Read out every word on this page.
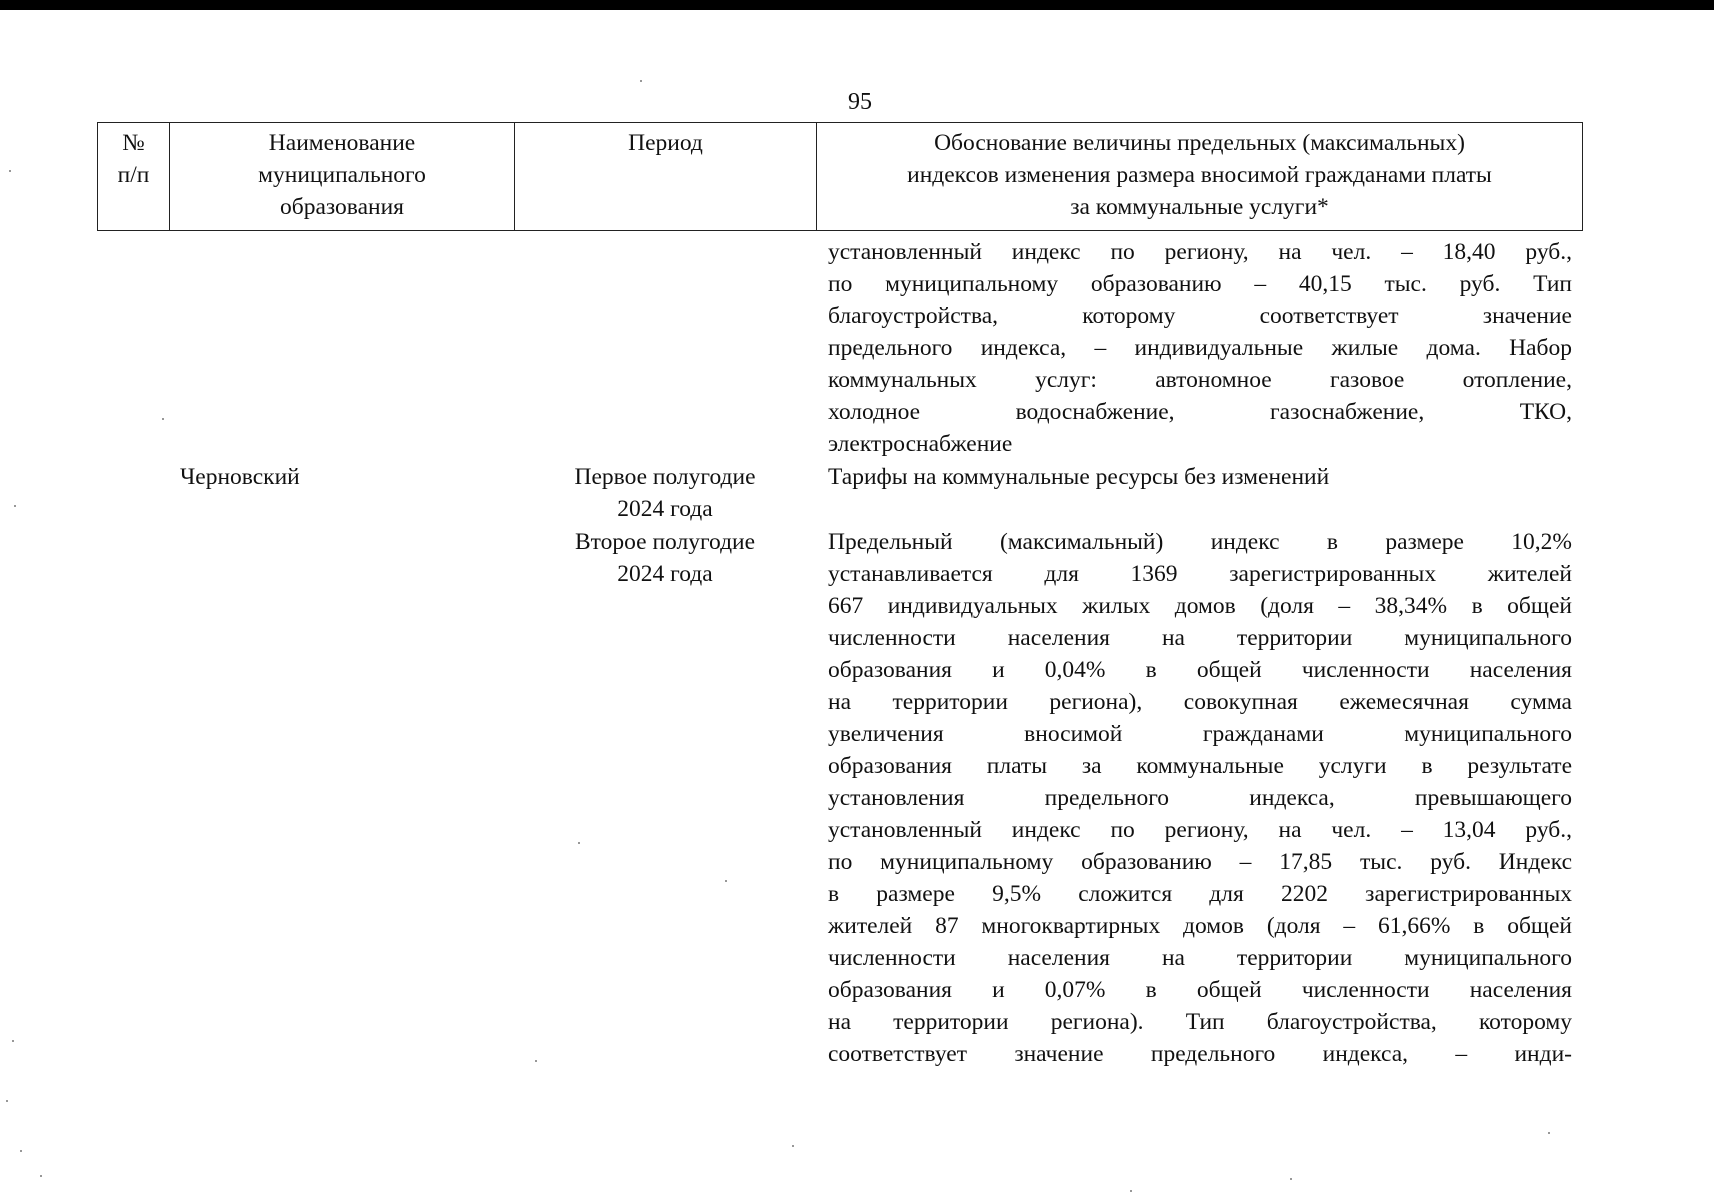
95
№
п/п
Наименование
муниципального
образования
Период	Обоснование величины предельных (максимальных)
индексов изменения размера вносимой гражданами платы
за коммунальные услуги*
установленный индекс по региону, на чел. – 18,40 руб.,
по муниципальному образованию – 40,15 тыс. руб. Тип
благоустройства, которому соответствует значение
предельного индекса, – индивидуальные жилые дома. Набор
коммунальных услуг: автономное газовое отопление,
холодное водоснабжение, газоснабжение, ТКО,
электроснабжение
Черновский	Первое полугодие
2024 года
Тарифы на коммунальные ресурсы без изменений
Второе полугодие
2024 года
Предельный (максимальный) индекс в размере 10,2%
устанавливается для 1369 зарегистрированных жителей
667 индивидуальных жилых домов (доля – 38,34% в общей
численности населения на территории муниципального
образования и 0,04% в общей численности населения
на территории региона), совокупная ежемесячная сумма
увеличения вносимой гражданами муниципального
образования платы за коммунальные услуги в результате
установления предельного индекса, превышающего
установленный индекс по региону, на чел. – 13,04 руб.,
по муниципальному образованию – 17,85 тыс. руб. Индекс
в размере 9,5% сложится для 2202 зарегистрированных
жителей 87 многоквартирных домов (доля – 61,66% в общей
численности населения на территории муниципального
образования и 0,07% в общей численности населения
на территории региона). Тип благоустройства, которому
соответствует значение предельного индекса, – инди-
